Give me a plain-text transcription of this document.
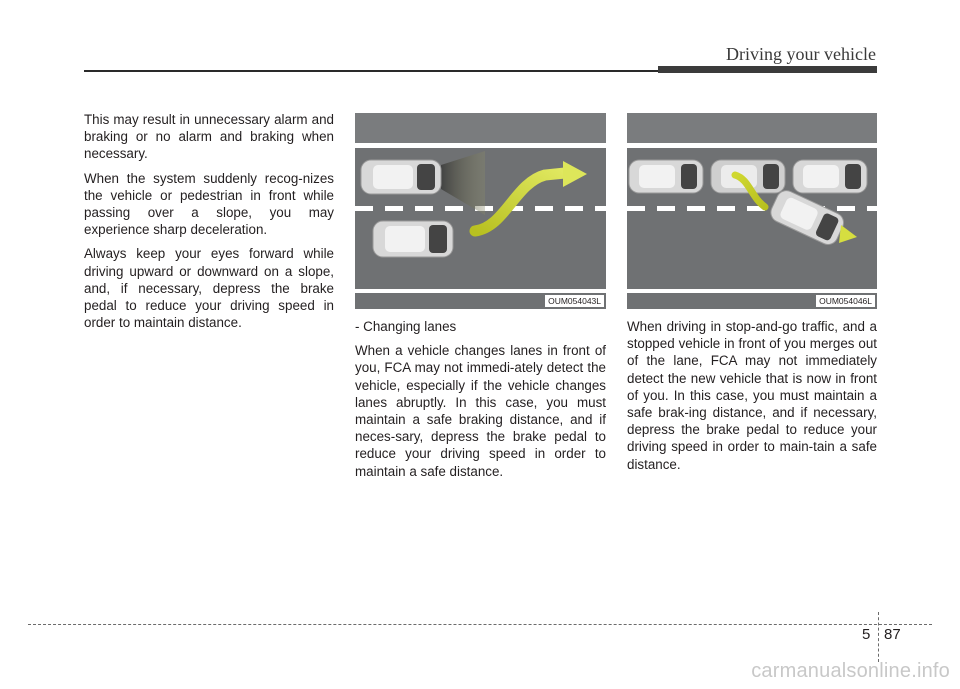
Driving your vehicle

This may result in unnecessary alarm and braking or no alarm and braking when necessary.

When the system suddenly recog-nizes the vehicle or pedestrian in front while passing over a slope, you may experience sharp deceleration.

Always keep your eyes forward while driving upward or downward on a slope, and, if necessary, depress the brake pedal to reduce your driving speed in order to maintain distance.

OUM054043L	OUM054046L

- Changing lanes

When a vehicle changes lanes in front of you, FCA may not immedi-ately detect the vehicle, especially if the vehicle changes lanes abruptly. In this case, you must maintain a safe braking distance, and if neces-sary, depress the brake pedal to reduce your driving speed in order to maintain a safe distance.

When driving in stop-and-go traffic, and a stopped vehicle in front of you merges out of the lane, FCA may not immediately detect the new vehicle that is now in front of you. In this case, you must maintain a safe brak-ing distance, and if necessary, depress the brake pedal to reduce your driving speed in order to main-tain a safe distance.

5 87
carmanualsonline.info
